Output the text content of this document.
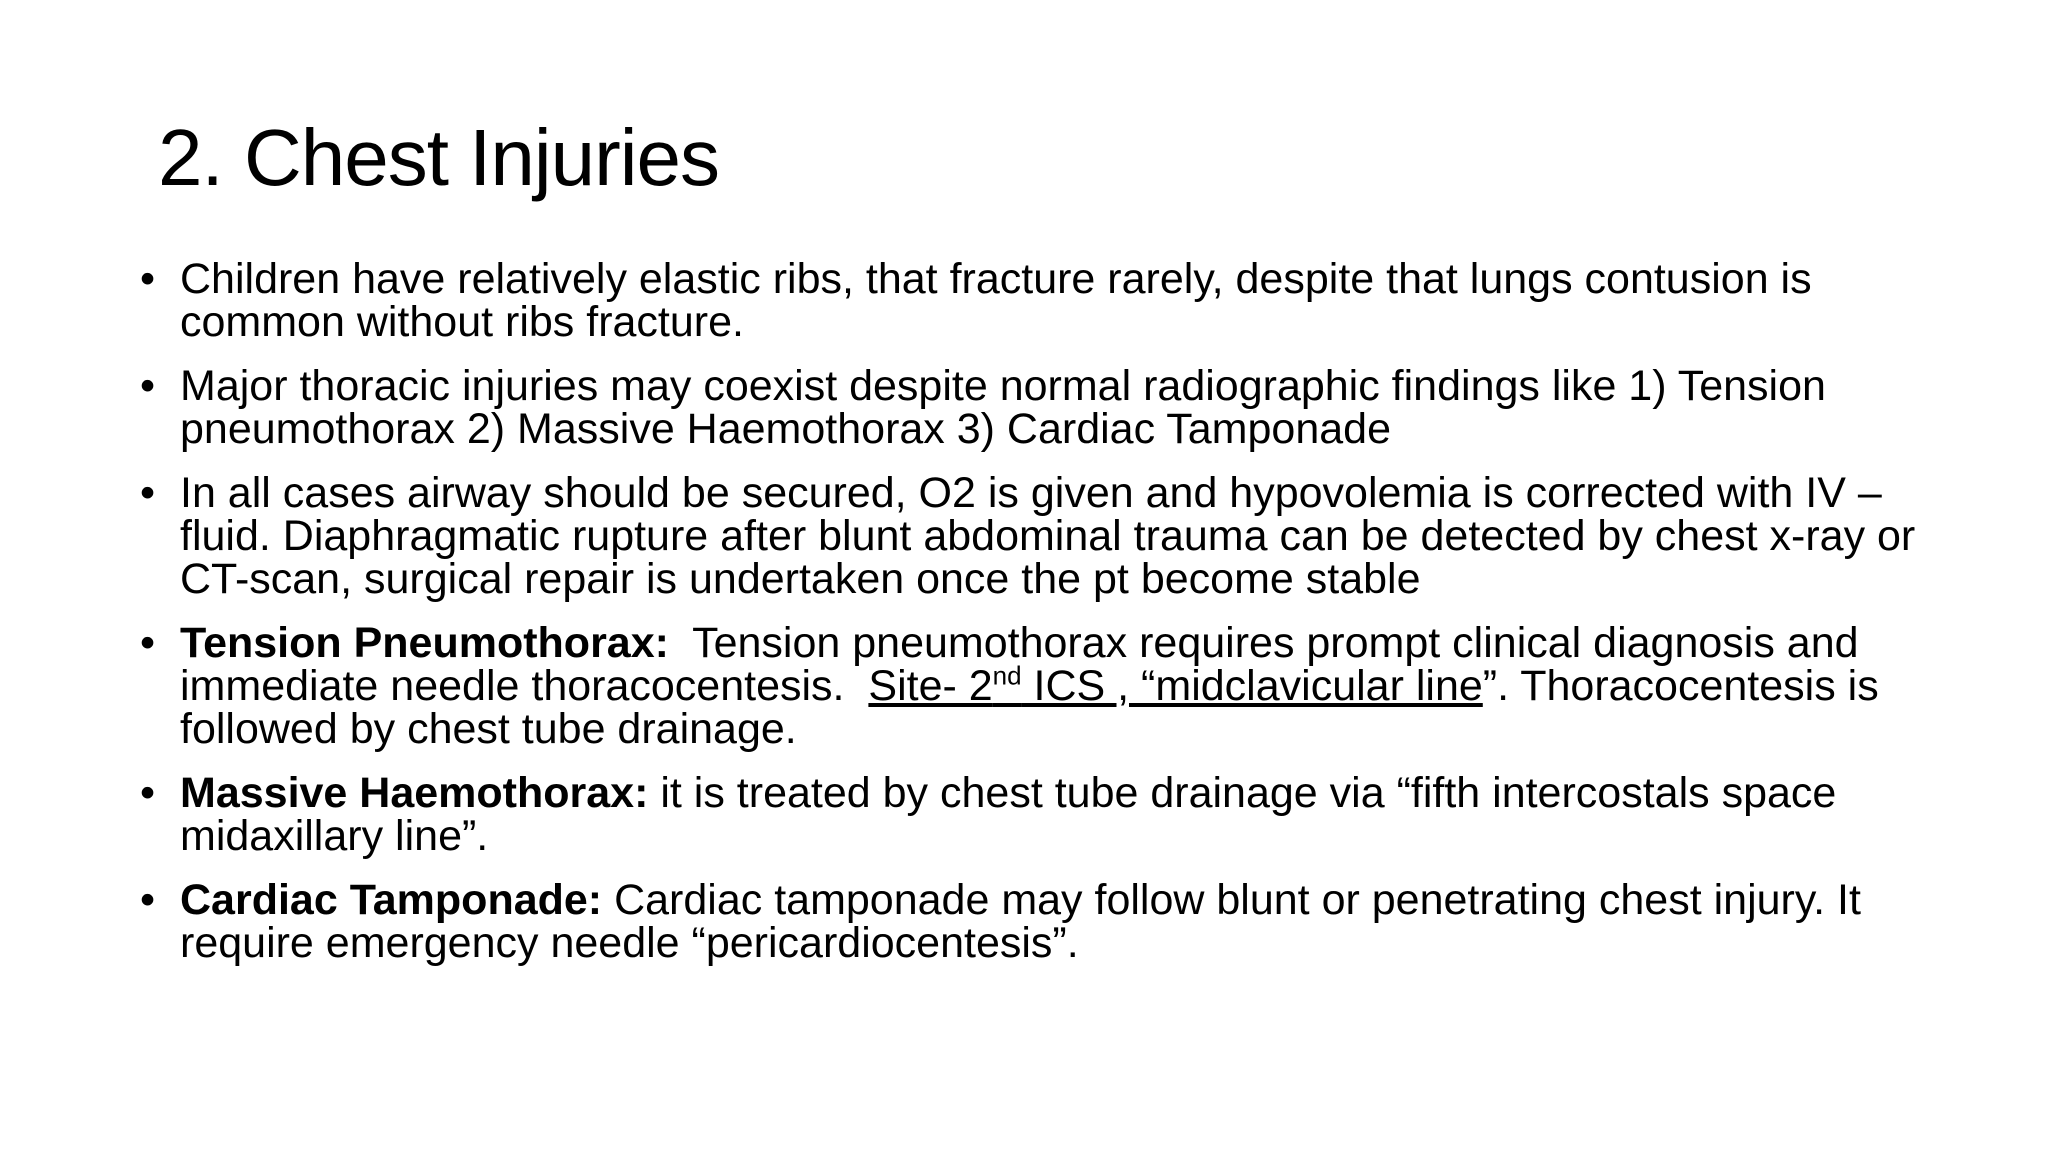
2. Chest Injuries
• Children have relatively elastic ribs, that fracture rarely, despite that lungs contusion is common without ribs fracture.
• Major thoracic injuries may coexist despite normal radiographic findings like 1) Tension pneumothorax 2) Massive Haemothorax 3) Cardiac Tamponade
• In all cases airway should be secured, O2 is given and hypovolemia is corrected with IV – fluid. Diaphragmatic rupture after blunt abdominal trauma can be detected by chest x-ray or CT-scan, surgical repair is undertaken once the pt become stable
• Tension Pneumothorax: Tension pneumothorax requires prompt clinical diagnosis and immediate needle thoracocentesis. Site- 2nd ICS , “midclavicular line”. Thoracocentesis is followed by chest tube drainage.
• Massive Haemothorax: it is treated by chest tube drainage via “fifth intercostals space midaxillary line”.
• Cardiac Tamponade: Cardiac tamponade may follow blunt or penetrating chest injury. It require emergency needle “pericardiocentesis”.
